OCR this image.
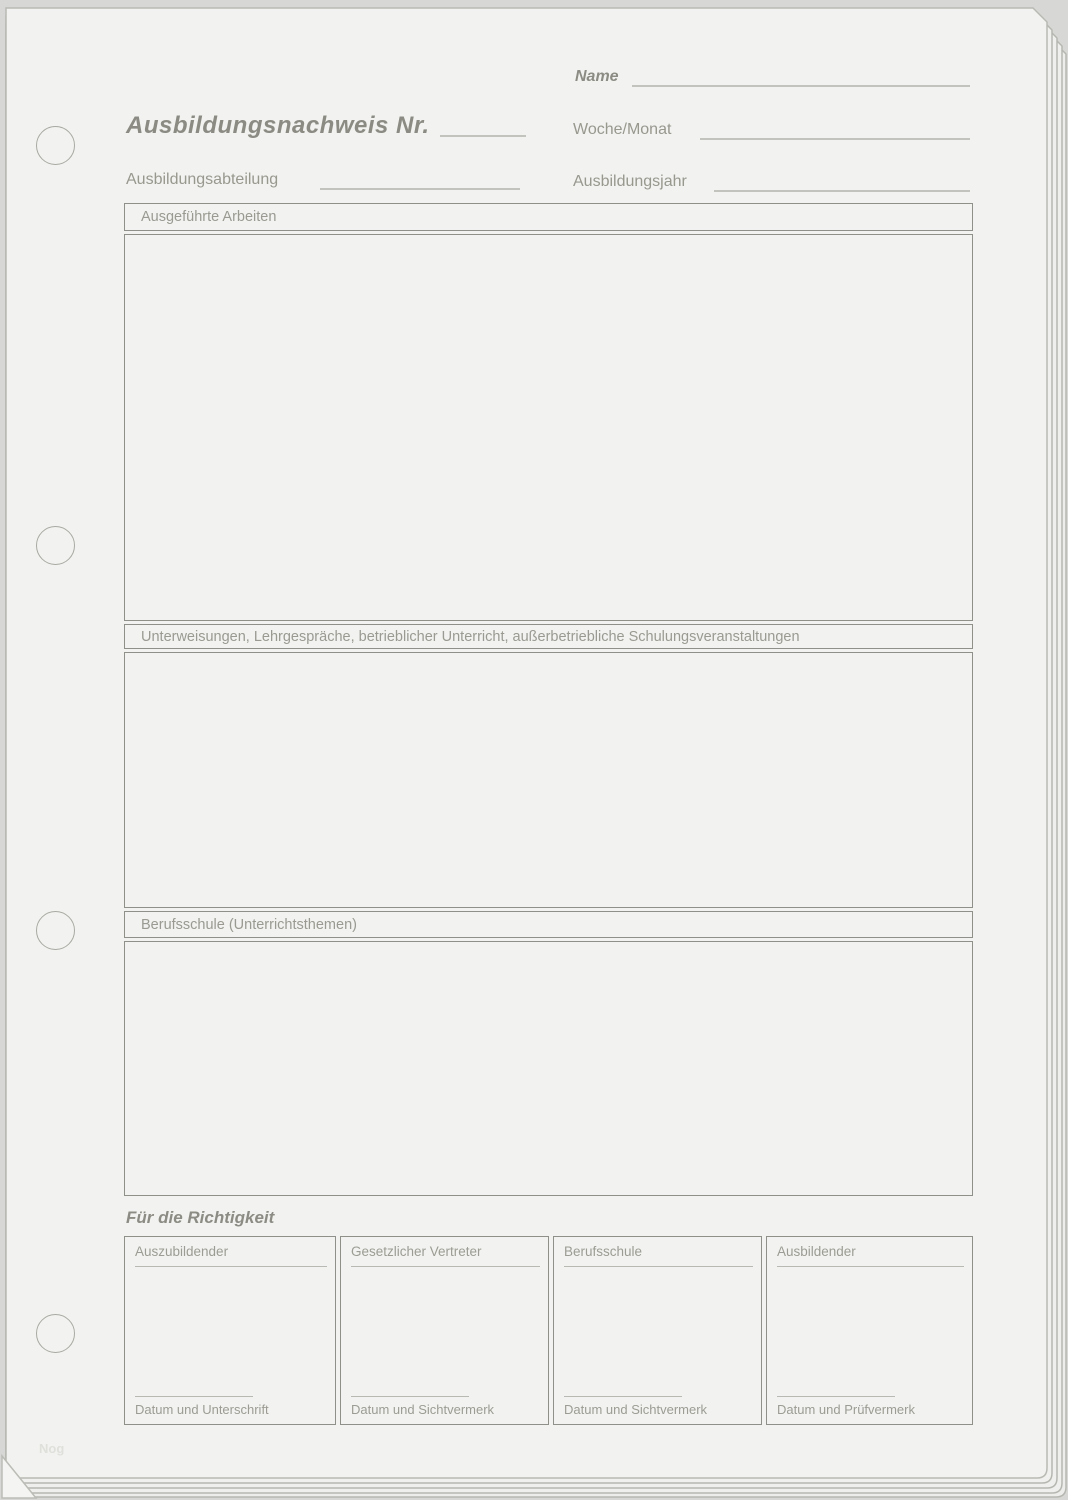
Name
Ausbildungsnachweis Nr.	Woche/Monat
Ausbildungsabteilung	Ausbildungsjahr
Ausgeführte Arbeiten
Unterweisungen, Lehrgespräche, betrieblicher Unterricht, außerbetriebliche Schulungsveranstaltungen
Berufsschule (Unterrichtsthemen)
Für die Richtigkeit
Auszubildender
Datum und Unterschrift
Gesetzlicher Vertreter
Datum und Sichtvermerk
Berufsschule
Datum und Sichtvermerk
Ausbildender
Datum und Prüfvermerk
Nog
